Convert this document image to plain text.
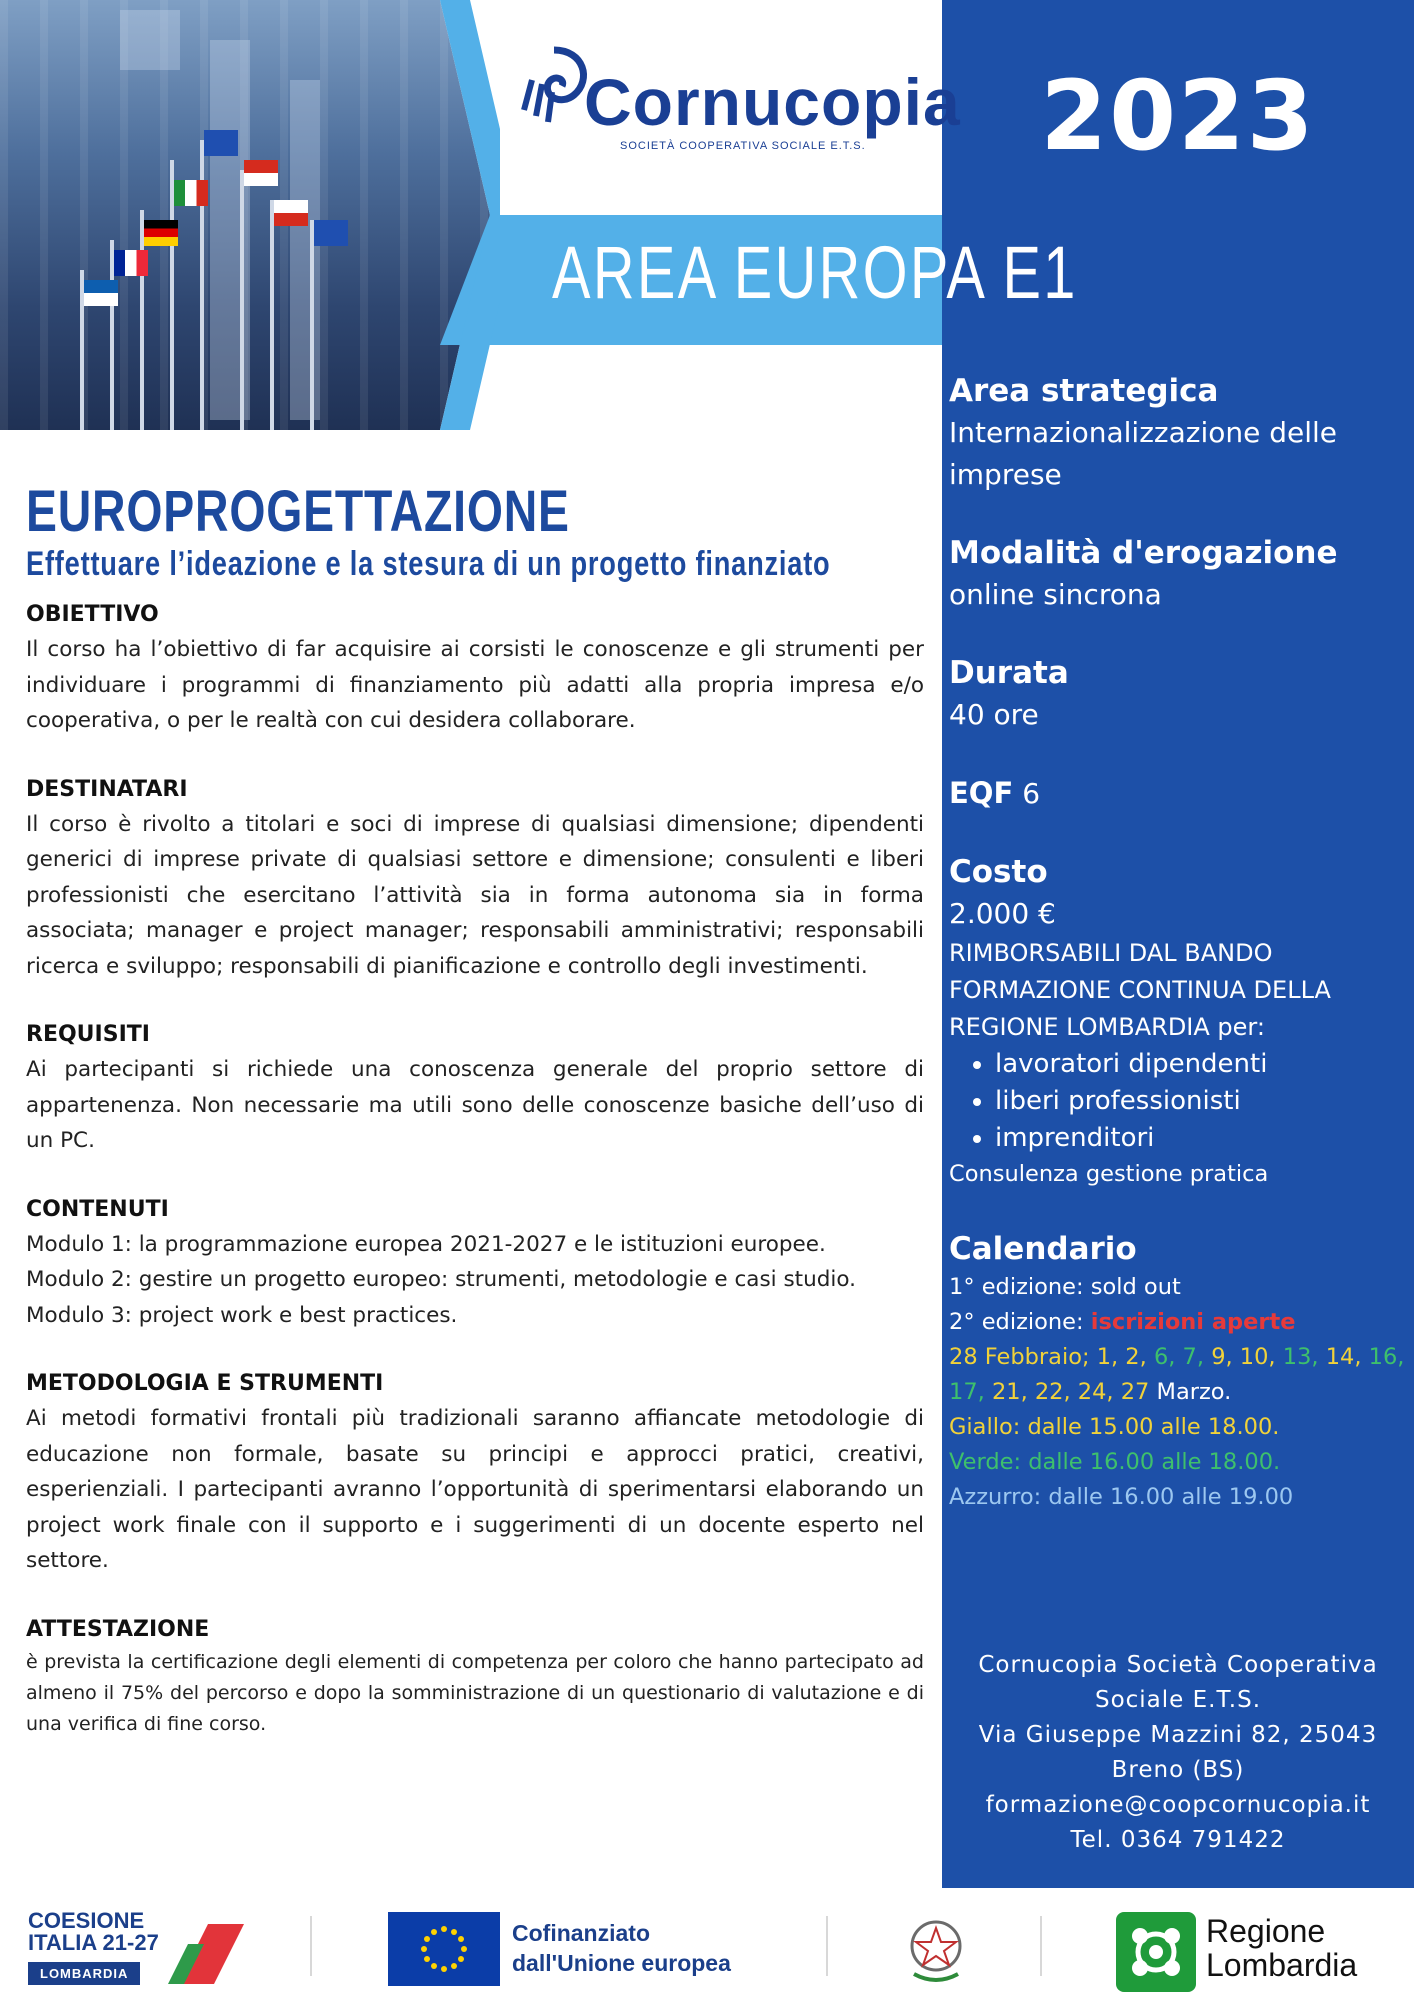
Cornucopia
SOCIETÀ COOPERATIVA SOCIALE E.T.S.	2023
AREA EUROPA E1
EUROPROGETTAZIONE
Effettuare l’ideazione e la stesura di un progetto finanziato

OBIETTIVO

Il corso ha l’obiettivo di far acquisire ai corsisti le conoscenze e gli strumenti per individuare i programmi di finanziamento più adatti alla propria impresa e/o cooperativa, o per le realtà con cui desidera collaborare.

DESTINATARI

Il corso è rivolto a titolari e soci di imprese di qualsiasi dimensione; dipendenti generici di imprese private di qualsiasi settore e dimensione; consulenti e liberi professionisti che esercitano l’attività sia in forma autonoma sia in forma associata; manager e project manager; responsabili amministrativi; responsabili ricerca e sviluppo; responsabili di pianificazione e controllo degli investimenti.

REQUISITI

Ai partecipanti si richiede una conoscenza generale del proprio settore di appartenenza. Non necessarie ma utili sono delle conoscenze basiche dell’uso di un PC.

CONTENUTI

Modulo 1: la programmazione europea 2021-2027 e le istituzioni europee.

Modulo 2: gestire un progetto europeo: strumenti, metodologie e casi studio.

Modulo 3: project work e best practices.

METODOLOGIA E STRUMENTI

Ai metodi formativi frontali più tradizionali saranno affiancate metodologie di educazione non formale, basate su principi e approcci pratici, creativi, esperienziali. I partecipanti avranno l’opportunità di sperimentarsi elaborando un project work finale con il supporto e i suggerimenti di un docente esperto nel settore.

ATTESTAZIONE

è prevista la certificazione degli elementi di competenza per coloro che hanno partecipato ad almeno il 75% del percorso e dopo la somministrazione di un questionario di valutazione e di una verifica di fine corso.

Area strategica

Internazionalizzazione delle imprese

Modalità d'erogazione

online sincrona

Durata

40 ore

EQF 6

Costo

2.000 €

RIMBORSABILI DAL BANDO FORMAZIONE CONTINUA DELLA REGIONE LOMBARDIA per:

• lavoratori dipendenti
• liberi professionisti
• imprenditori

Consulenza gestione pratica

Calendario

1° edizione: sold out

2° edizione: iscrizioni aperte

28 Febbraio; 1, 2, 6, 7, 9, 10, 13, 14, 16, 17, 21, 22, 24, 27 Marzo.

Giallo: dalle 15.00 alle 18.00.

Verde: dalle 16.00 alle 18.00.

Azzurro: dalle 16.00 alle 19.00

Cornucopia Società Cooperativa Sociale E.T.S.
Via Giuseppe Mazzini 82, 25043 Breno (BS)
formazione@coopcornucopia.it
Tel. 0364 791422
COESIONE
ITALIA 21-27
LOMBARDIA
Cofinanziato
dall'Unione europea
Regione
Lombardia
